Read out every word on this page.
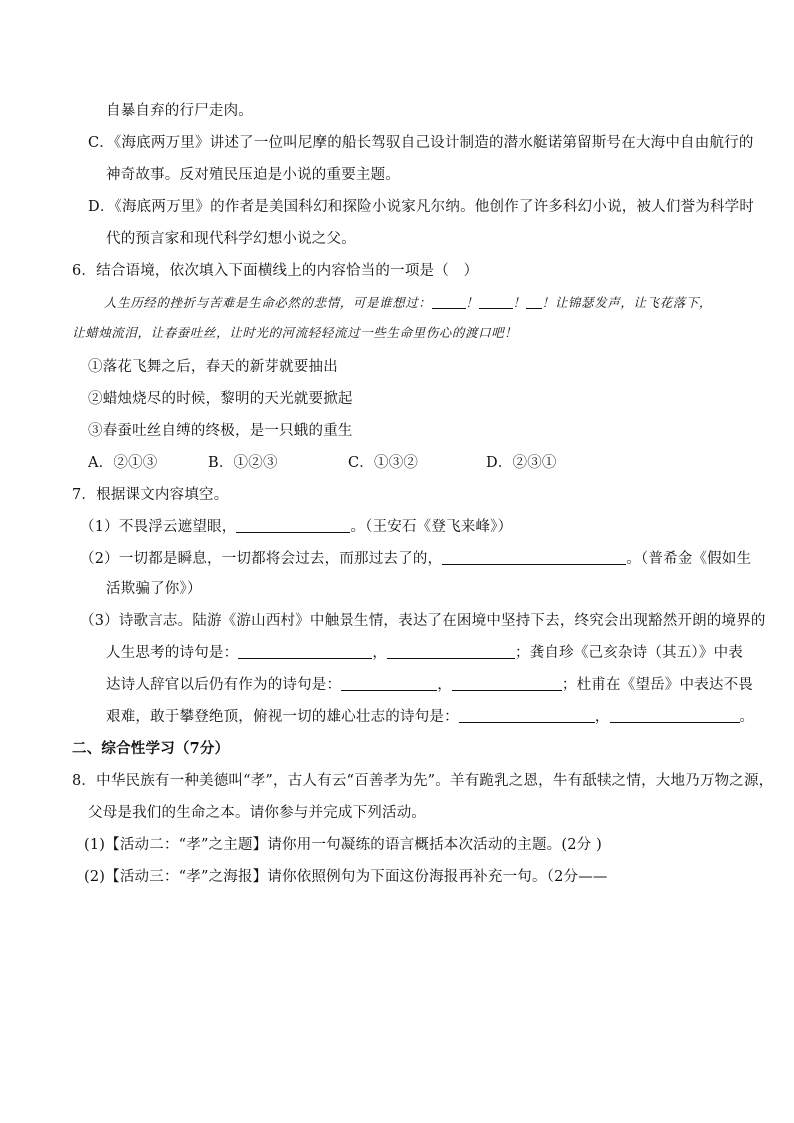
自暴自弃的行尸走肉。
C．《海底两万里》讲述了一位叫尼摩的船长驾驭自己设计制造的潜水艇诺第留斯号在大海中自由航行的
神奇故事。反对殖民压迫是小说的重要主题。
D．《海底两万里》的作者是美国科幻和探险小说家凡尔纳。他创作了许多科幻小说，被人们誉为科学时
代的预言家和现代科学幻想小说之父。
6．结合语境，依次填入下面横线上的内容恰当的一项是（　）
人生历经的挫折与苦难是生命必然的悲情，可是谁想过：	！	！ ！让锦瑟发声，让飞花落下，
让蜡烛流泪，让春蚕吐丝，让时光的河流轻轻流过一些生命里伤心的渡口吧！
①落花飞舞之后，春天的新芽就要抽出
②蜡烛烧尽的时候，黎明的天光就要掀起
③春蚕吐丝自缚的终极，是一只蛾的重生
A．②①③	B．①②③	C．①③②	D．②③①
7．根据课文内容填空。
（1）不畏浮云遮望眼，	。（王安石《登飞来峰》）
（2）一切都是瞬息，一切都将会过去，而那过去了的，	。（普希金《假如生
活欺骗了你》）
（3）诗歌言志。陆游《游山西村》中触景生情，表达了在困境中坚持下去，终究会出现豁然开朗的境界的
人生思考的诗句是：	，	；龚自珍《己亥杂诗（其五）》中表
达诗人辞官以后仍有作为的诗句是：	，	；杜甫在《望岳》中表达不畏
艰难，敢于攀登绝顶，俯视一切的雄心壮志的诗句是：	，	。
二、综合性学习（7分）
8．中华民族有一种美德叫“孝”，古人有云“百善孝为先”。羊有跪乳之恩，牛有舐犊之情，大地乃万物之源，
父母是我们的生命之本。请你参与并完成下列活动。
(1)【活动二：“孝”之主题】请你用一句凝练的语言概括本次活动的主题。(2分 )
(2)【活动三：“孝”之海报】请你依照例句为下面这份海报再补充一句。（2分——
